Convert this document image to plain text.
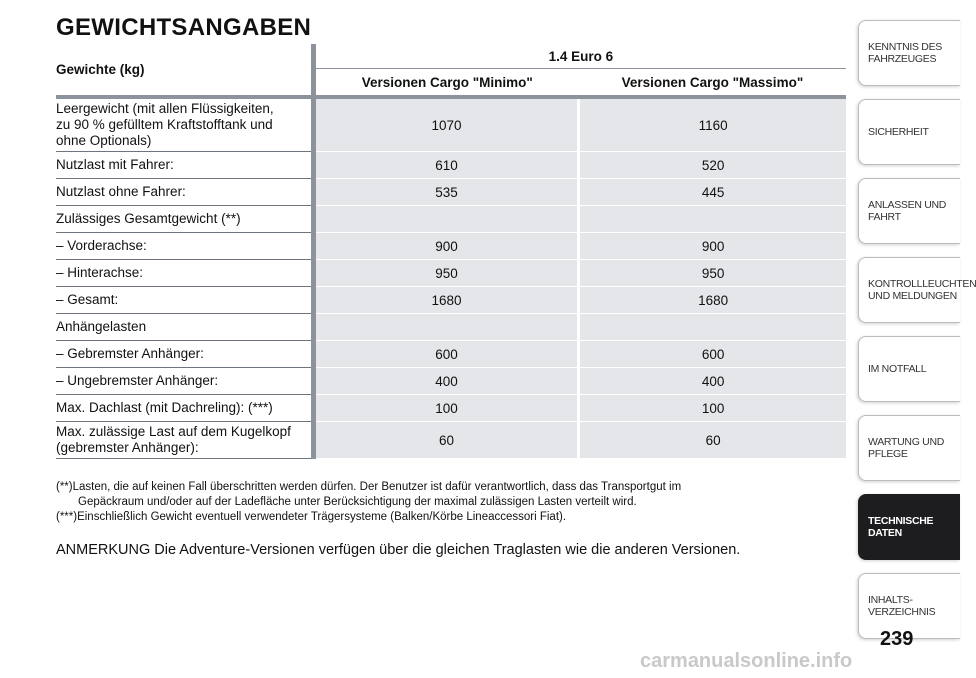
GEWICHTSANGABEN
Gewichte (kg)	1.4 Euro 6	
	Versionen Cargo "Minimo"	Versionen Cargo "Massimo"
Leergewicht (mit allen Flüssigkeiten,
zu 90 % gefülltem Kraftstofftank und
ohne Optionals)	1070	1160
Nutzlast mit Fahrer:	610	520
Nutzlast ohne Fahrer:	535	445
Zulässiges Gesamtgewicht (**)		
– Vorderachse:	900	900
– Hinterachse:	950	950
– Gesamt:	1680	1680
Anhängelasten		
– Gebremster Anhänger:	600	600
– Ungebremster Anhänger:	400	400
Max. Dachlast (mit Dachreling): (***)	100	100
Max. zulässige Last auf dem Kugelkopf
(gebremster Anhänger):	60	60

(**)Lasten, die auf keinen Fall überschritten werden dürfen. Der Benutzer ist dafür verantwortlich, dass das Transportgut im
Gepäckraum und/oder auf der Ladefläche unter Berücksichtigung der maximal zulässigen Lasten verteilt wird.

(***)Einschließlich Gewicht eventuell verwendeter Trägersysteme (Balken/Körbe Lineaccessori Fiat).

ANMERKUNG Die Adventure-Versionen verfügen über die gleichen Traglasten wie die anderen Versionen.
KENNTNIS DES FAHRZEUGES
SICHERHEIT
ANLASSEN UND FAHRT
KONTROLLLEUCHTEN UND MELDUNGEN
IM NOTFALL
WARTUNG UND PFLEGE
TECHNISCHE DATEN
INHALTS-VERZEICHNIS
239
carmanualsonline.info
